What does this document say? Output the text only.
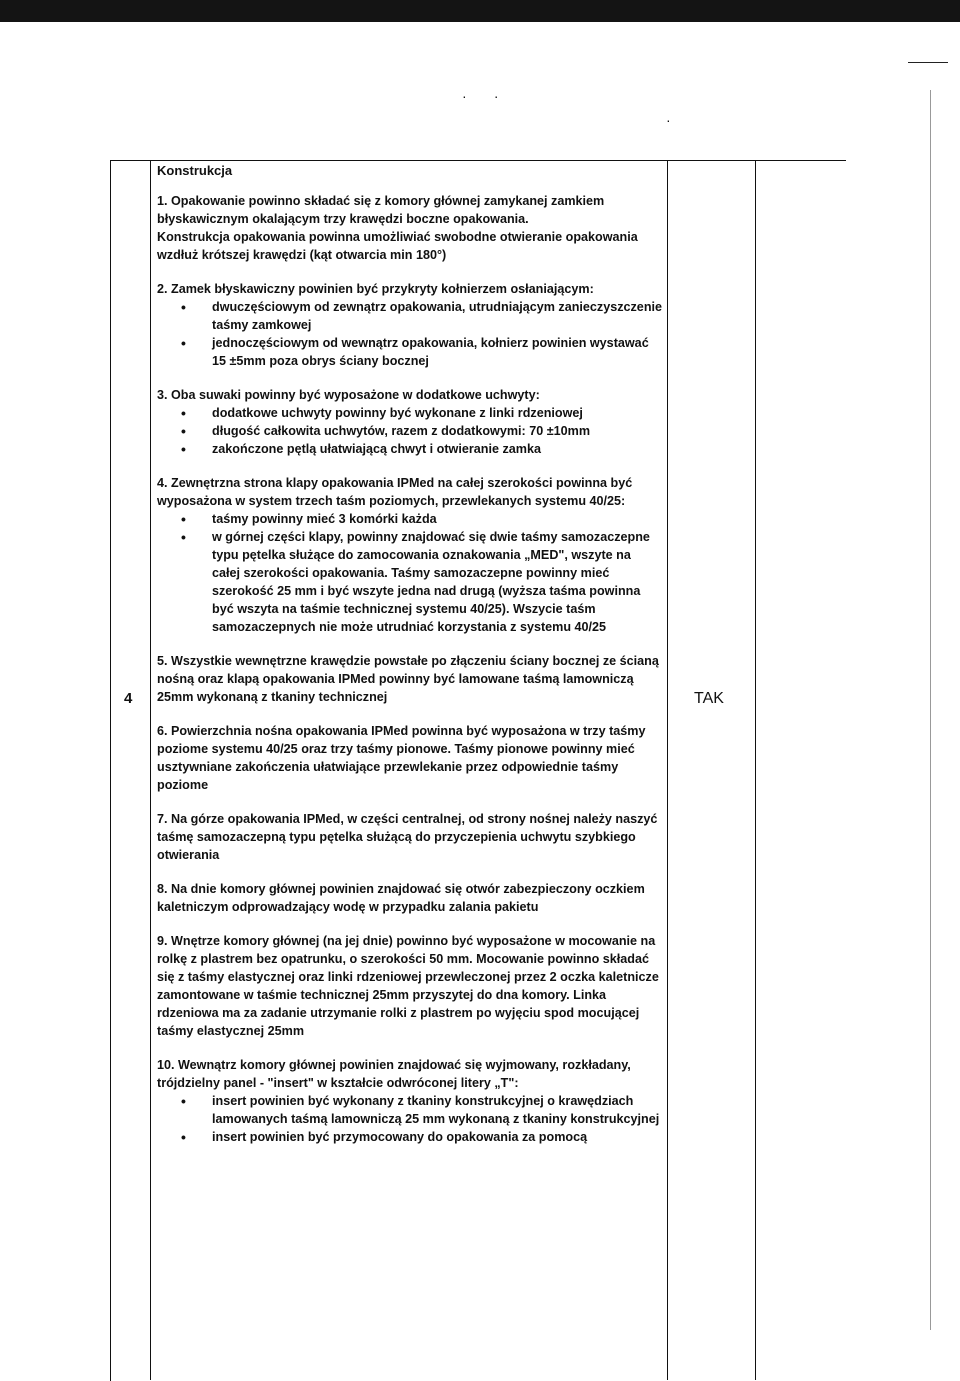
·       ·
·
4	TAK
Konstrukcja

1. Opakowanie powinno składać się z komory głównej zamykanej zamkiem błyskawicznym okalającym trzy krawędzi boczne opakowania.

Konstrukcja opakowania powinna umożliwiać swobodne otwieranie opakowania wzdłuż krótszej krawędzi (kąt otwarcia min 180°)

2. Zamek błyskawiczny powinien być przykryty kołnierzem osłaniającym:

• dwuczęściowym od zewnątrz opakowania, utrudniającym zanieczyszczenie taśmy zamkowej
• jednoczęściowym od wewnątrz opakowania, kołnierz powinien wystawać 15 ±5mm poza obrys ściany bocznej

3. Oba suwaki powinny być wyposażone w dodatkowe uchwyty:

• dodatkowe uchwyty powinny być wykonane z linki rdzeniowej
• długość całkowita uchwytów, razem z dodatkowymi: 70 ±10mm
• zakończone pętlą ułatwiającą chwyt i otwieranie zamka

4. Zewnętrzna strona klapy opakowania IPMed na całej szerokości powinna być wyposażona w system trzech taśm poziomych, przewlekanych systemu 40/25:

• taśmy powinny mieć 3 komórki każda
• w górnej części klapy, powinny znajdować się dwie taśmy samozaczepne typu pętelka służące do zamocowania oznakowania „MED", wszyte na całej szerokości opakowania. Taśmy samozaczepne powinny mieć szerokość 25 mm i być wszyte jedna nad drugą (wyższa taśma powinna być wszyta na taśmie technicznej systemu 40/25). Wszycie taśm samozaczepnych nie może utrudniać korzystania z systemu 40/25

5. Wszystkie wewnętrzne krawędzie powstałe po złączeniu ściany bocznej ze ścianą nośną oraz klapą opakowania IPMed powinny być lamowane taśmą lamowniczą 25mm wykonaną z tkaniny technicznej

6. Powierzchnia nośna opakowania IPMed powinna być wyposażona w trzy taśmy poziome systemu 40/25 oraz trzy taśmy pionowe. Taśmy pionowe powinny mieć usztywniane zakończenia ułatwiające przewlekanie przez odpowiednie taśmy poziome

7. Na górze opakowania IPMed, w części centralnej, od strony nośnej należy naszyć taśmę samozaczepną typu pętelka służącą do przyczepienia uchwytu szybkiego otwierania

8. Na dnie komory głównej powinien znajdować się otwór zabezpieczony oczkiem kaletniczym odprowadzający wodę w przypadku zalania pakietu

9. Wnętrze komory głównej (na jej dnie) powinno być wyposażone w mocowanie na rolkę z plastrem bez opatrunku, o szerokości 50 mm. Mocowanie powinno składać się z taśmy elastycznej oraz linki rdzeniowej przewleczonej przez 2 oczka kaletnicze zamontowane w taśmie technicznej 25mm przyszytej do dna komory. Linka rdzeniowa ma za zadanie utrzymanie rolki z plastrem po wyjęciu spod mocującej taśmy elastycznej 25mm

10. Wewnątrz komory głównej powinien znajdować się wyjmowany, rozkładany, trójdzielny panel - "insert" w kształcie odwróconej litery „T":

• insert powinien być wykonany z tkaniny konstrukcyjnej o krawędziach lamowanych taśmą lamowniczą 25 mm wykonaną z tkaniny konstrukcyjnej
• insert powinien być przymocowany do opakowania za pomocą
